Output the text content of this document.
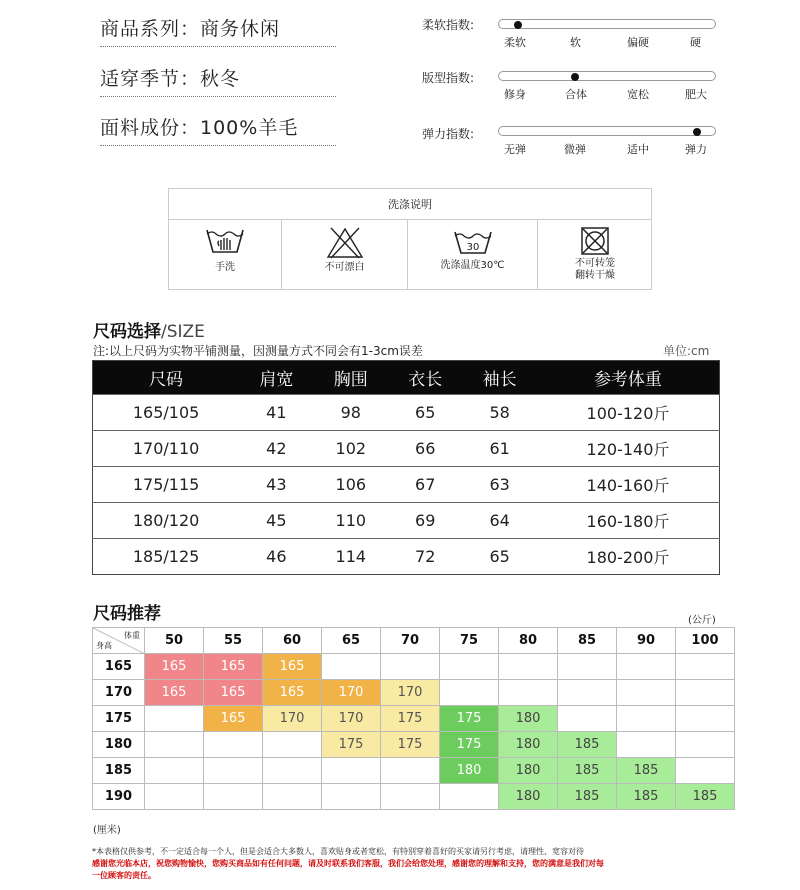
商品系列：商务休闲
适穿季节：秋冬
面料成份：100%羊毛
柔软指数:
柔软	软	偏硬	硬
版型指数:
修身	合体	宽松	肥大
弹力指数:
无弹	微弹	适中	弹力
洗涤说明
手洗	不可漂白
30
洗涤温度30℃	不可转笼
翻转干燥
尺码选择/SIZE
注:以上尺码为实物平铺测量，因测量方式不同会有1-3cm误差	单位:cm
尺码	肩宽	胸围	衣长	袖长	参考体重
165/105	41	98	65	58	100-120斤
170/110	42	102	66	61	120-140斤
175/115	43	106	67	63	140-160斤
180/120	45	110	69	64	160-180斤
185/125	46	114	72	65	180-200斤
尺码推荐	(公斤)
体重
身高	50	55	60	65	70	75	80	85	90	100
165	165	165	165							
170	165	165	165	170	170					
175		165	170	170	175	175	180			
180				175	175	175	180	185		
185						180	180	185	185	
190							180	185	185	185
(厘米)
*本表格仅供参考，不一定适合每一个人，但是会适合大多数人，喜欢贴身或者宽松，有特别穿着喜好的买家请另行考虑，请理性、宽容对待
感谢您光临本店，祝您购物愉快，您购买商品如有任何问题，请及时联系我们客服，我们会给您处理，感谢您的理解和支持，您的满意是我们对每
一位顾客的责任。
